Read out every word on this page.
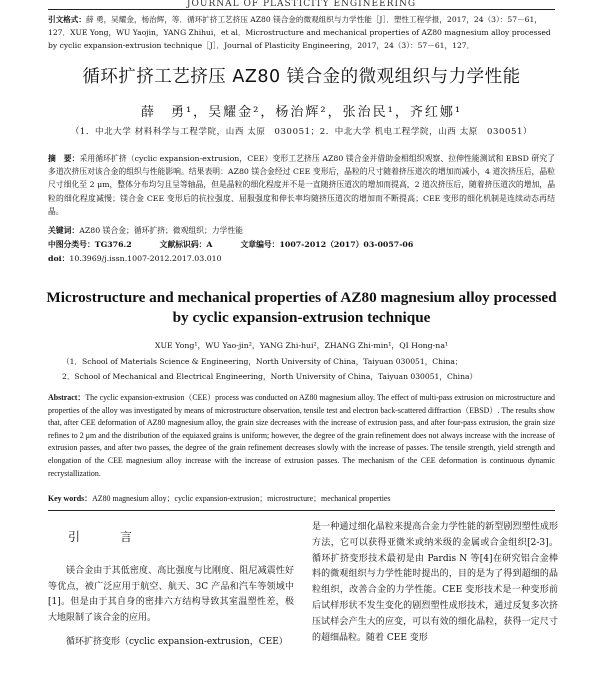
JOURNAL OF PLASTICITY ENGINEERING
引文格式：薛 勇，吴耀金，杨治辉，等．循环扩挤工艺挤压 AZ80 镁合金的微观组织与力学性能［J］．塑性工程学报，2017，24（3）：57－61，127．XUE Yong，WU Yaojin，YANG Zhihui，et al．Microstructure and mechanical properties of AZ80 magnesium alloy processed by cyclic expansion-extrusion technique［J］．Journal of Plasticity Engineering，2017，24（3）：57－61，127．
循环扩挤工艺挤压 AZ80 镁合金的微观组织与力学性能
薛　勇¹，吴耀金²，杨治辉²，张治民¹，齐红娜¹
（1．中北大学 材料科学与工程学院，山西 太原　030051；2．中北大学 机电工程学院，山西 太原　030051）
摘　要：采用循环扩挤（cyclic expansion-extrusion，CEE）变形工艺挤压 AZ80 镁合金并借助金相组织观察、拉伸性能测试和 EBSD 研究了多道次挤压对该合金的组织与性能影响。结果表明：AZ80 镁合金经过 CEE 变形后，晶粒的尺寸随着挤压道次的增加而减小，4 道次挤压后，晶粒尺寸细化至 2 μm，整体分布均匀且呈等轴晶，但是晶粒的细化程度并不是一直随挤压道次的增加而提高，2 道次挤压后，随着挤压道次的增加，晶粒的细化程度减慢；镁合金 CEE 变形后的抗拉强度、屈服强度和伸长率均随挤压道次的增加而不断提高；CEE 变形的细化机制是连续动态再结晶。
关键词：AZ80 镁合金；循环扩挤；微观组织；力学性能
中图分类号：TG376.2	文献标识码：A	文章编号：1007-2012（2017）03-0057-06
doi：10.3969/j.issn.1007-2012.2017.03.010
Microstructure and mechanical properties of AZ80 magnesium alloy processed by cyclic expansion-extrusion technique
XUE Yong¹，WU Yao-jin²，YANG Zhi-hui²，ZHANG Zhi-min¹，QI Hong-na¹
（1．School of Materials Science & Engineering，North University of China，Taiyuan 030051，China；
2．School of Mechanical and Electrical Engineering，North University of China，Taiyuan 030051，China）
Abstract：The cyclic expansion-extrusion（CEE）process was conducted on AZ80 magnesium alloy. The effect of multi-pass extrusion on microstructure and properties of the alloy was investigated by means of microstructure observation, tensile test and electron back-scattered diffraction（EBSD）. The results show that, after CEE deformation of AZ80 magnesium alloy, the grain size decreases with the increase of extrusion pass, and after four-pass extrusion, the grain size refines to 2 μm and the distribution of the equiaxed grains is uniform; however, the degree of the grain refinement does not always increase with the increase of extrusion passes, and after two passes, the degree of the grain refinement decreases slowly with the increase of passes. The tensile strength, yield strength and elongation of the CEE magnesium alloy increase with the increase of extrusion passes. The mechanism of the CEE deformation is continuous dynamic recrystallization.
Key words：AZ80 magnesium alloy；cyclic expansion-extrusion；microstructure；mechanical properties
引　言

镁合金由于其低密度、高比强度与比刚度、阻尼减震性好等优点，被广泛应用于航空、航天、3C 产品和汽车等领域中[1]。但是由于其自身的密排六方结构导致其室温塑性差，极大地限制了该合金的应用。

循环扩挤变形（cyclic expansion-extrusion，CEE）

是一种通过细化晶粒来提高合金力学性能的新型剧烈塑性成形方法，它可以获得亚微米或纳米级的金属或合金组织[2-3]。循环扩挤变形技术最初是由 Pardis N 等[4]在研究铝合金棒料的微观组织与力学性能时提出的，目的是为了得到超细的晶粒组织，改善合金的力学性能。CEE 变形技术是一种变形前后试样形状不发生变化的剧烈塑性成形技术，通过反复多次挤压试样会产生大的应变，可以有效的细化晶粒，获得一定尺寸的超细晶粒。随着 CEE 变形
